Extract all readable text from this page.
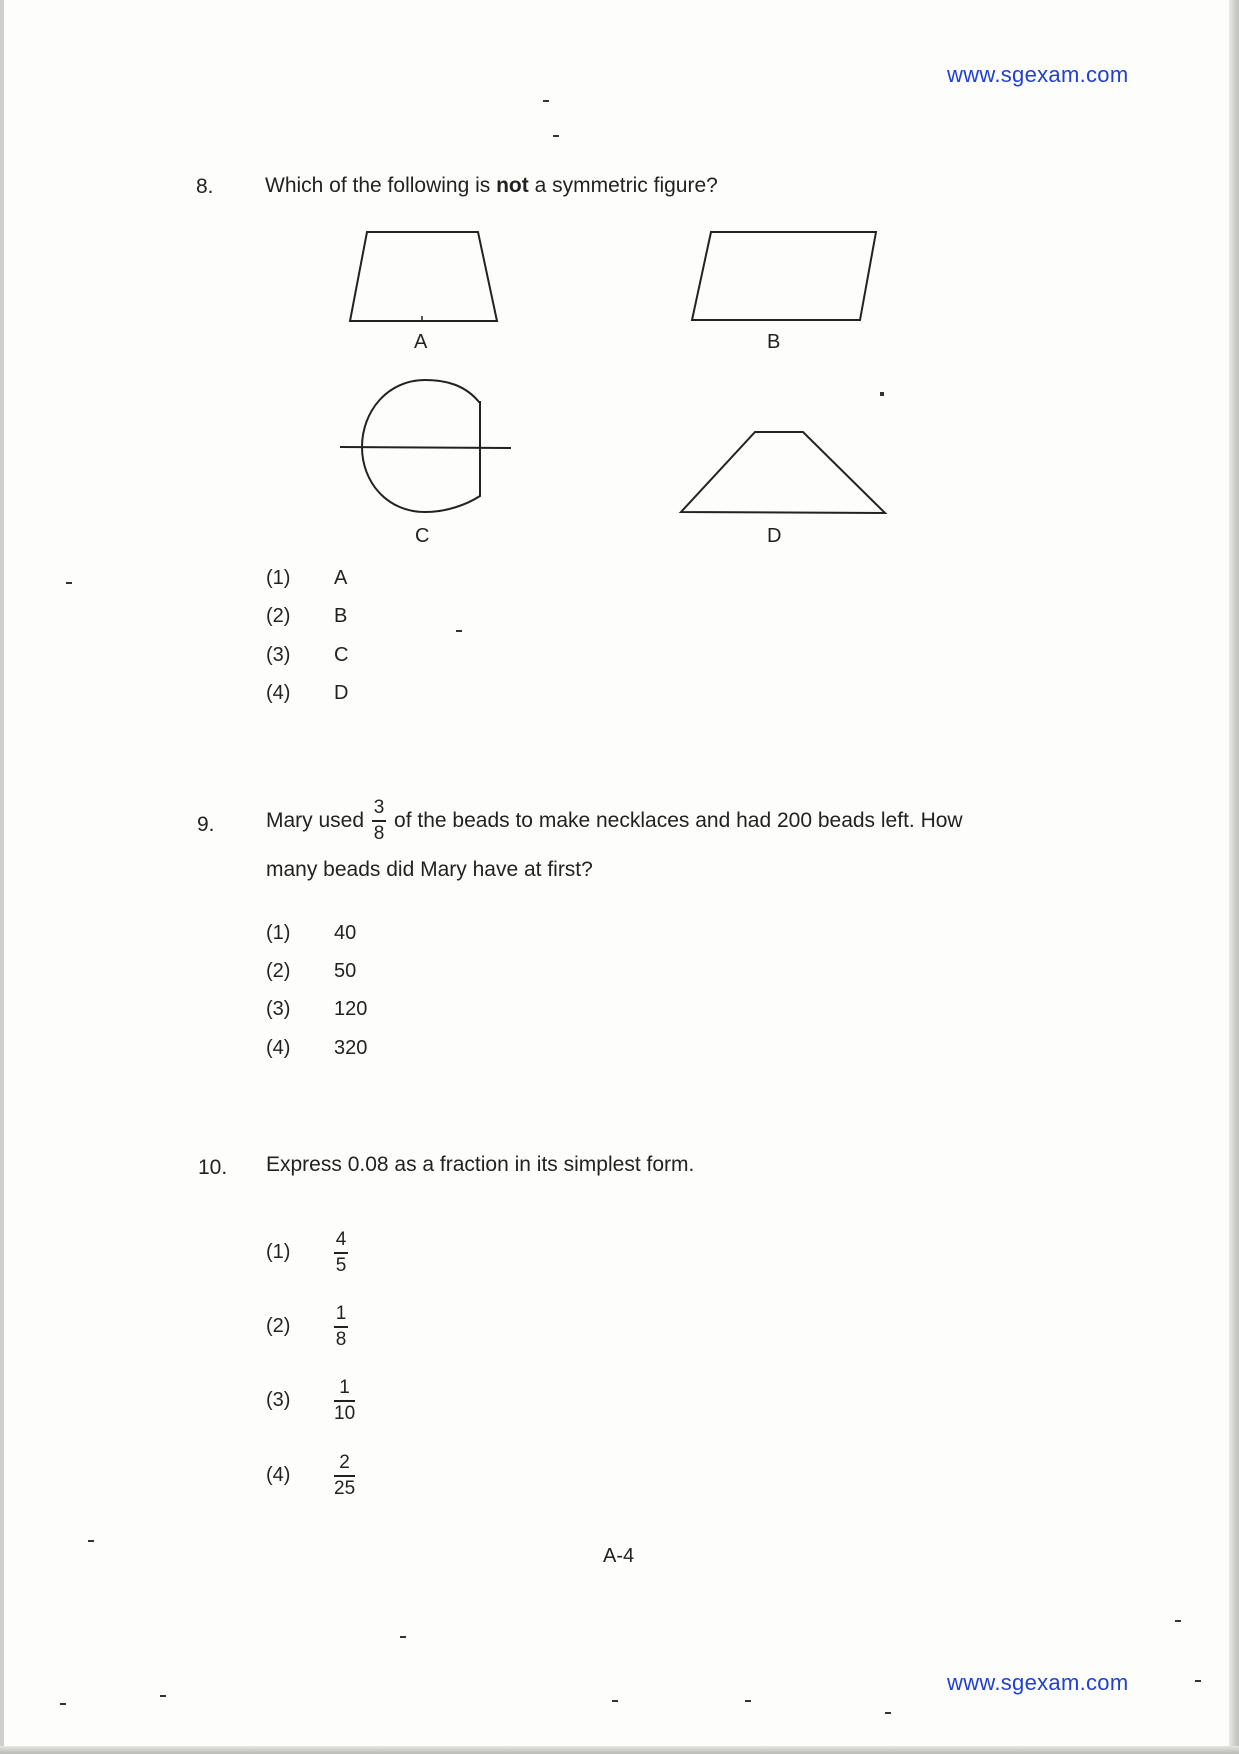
www.sgexam.com
8. Which of the following is not a symmetric figure?
A	B
C	D
(1)	A
(2)	B
(3)	C
(4)	D
9. Mary used $\frac{3}{8}$ of the beads to make necklaces and had 200 beads left. How
many beads did Mary have at first?
(1)	40
(2)	50
(3)	120
(4)	320
10. Express 0.08 as a fraction in its simplest form.
(1)	$\frac{4}{5}$
(2)	$\frac{1}{8}$
(3)	$\frac{1}{10}$
(4)	$\frac{2}{25}$
A-4
www.sgexam.com
